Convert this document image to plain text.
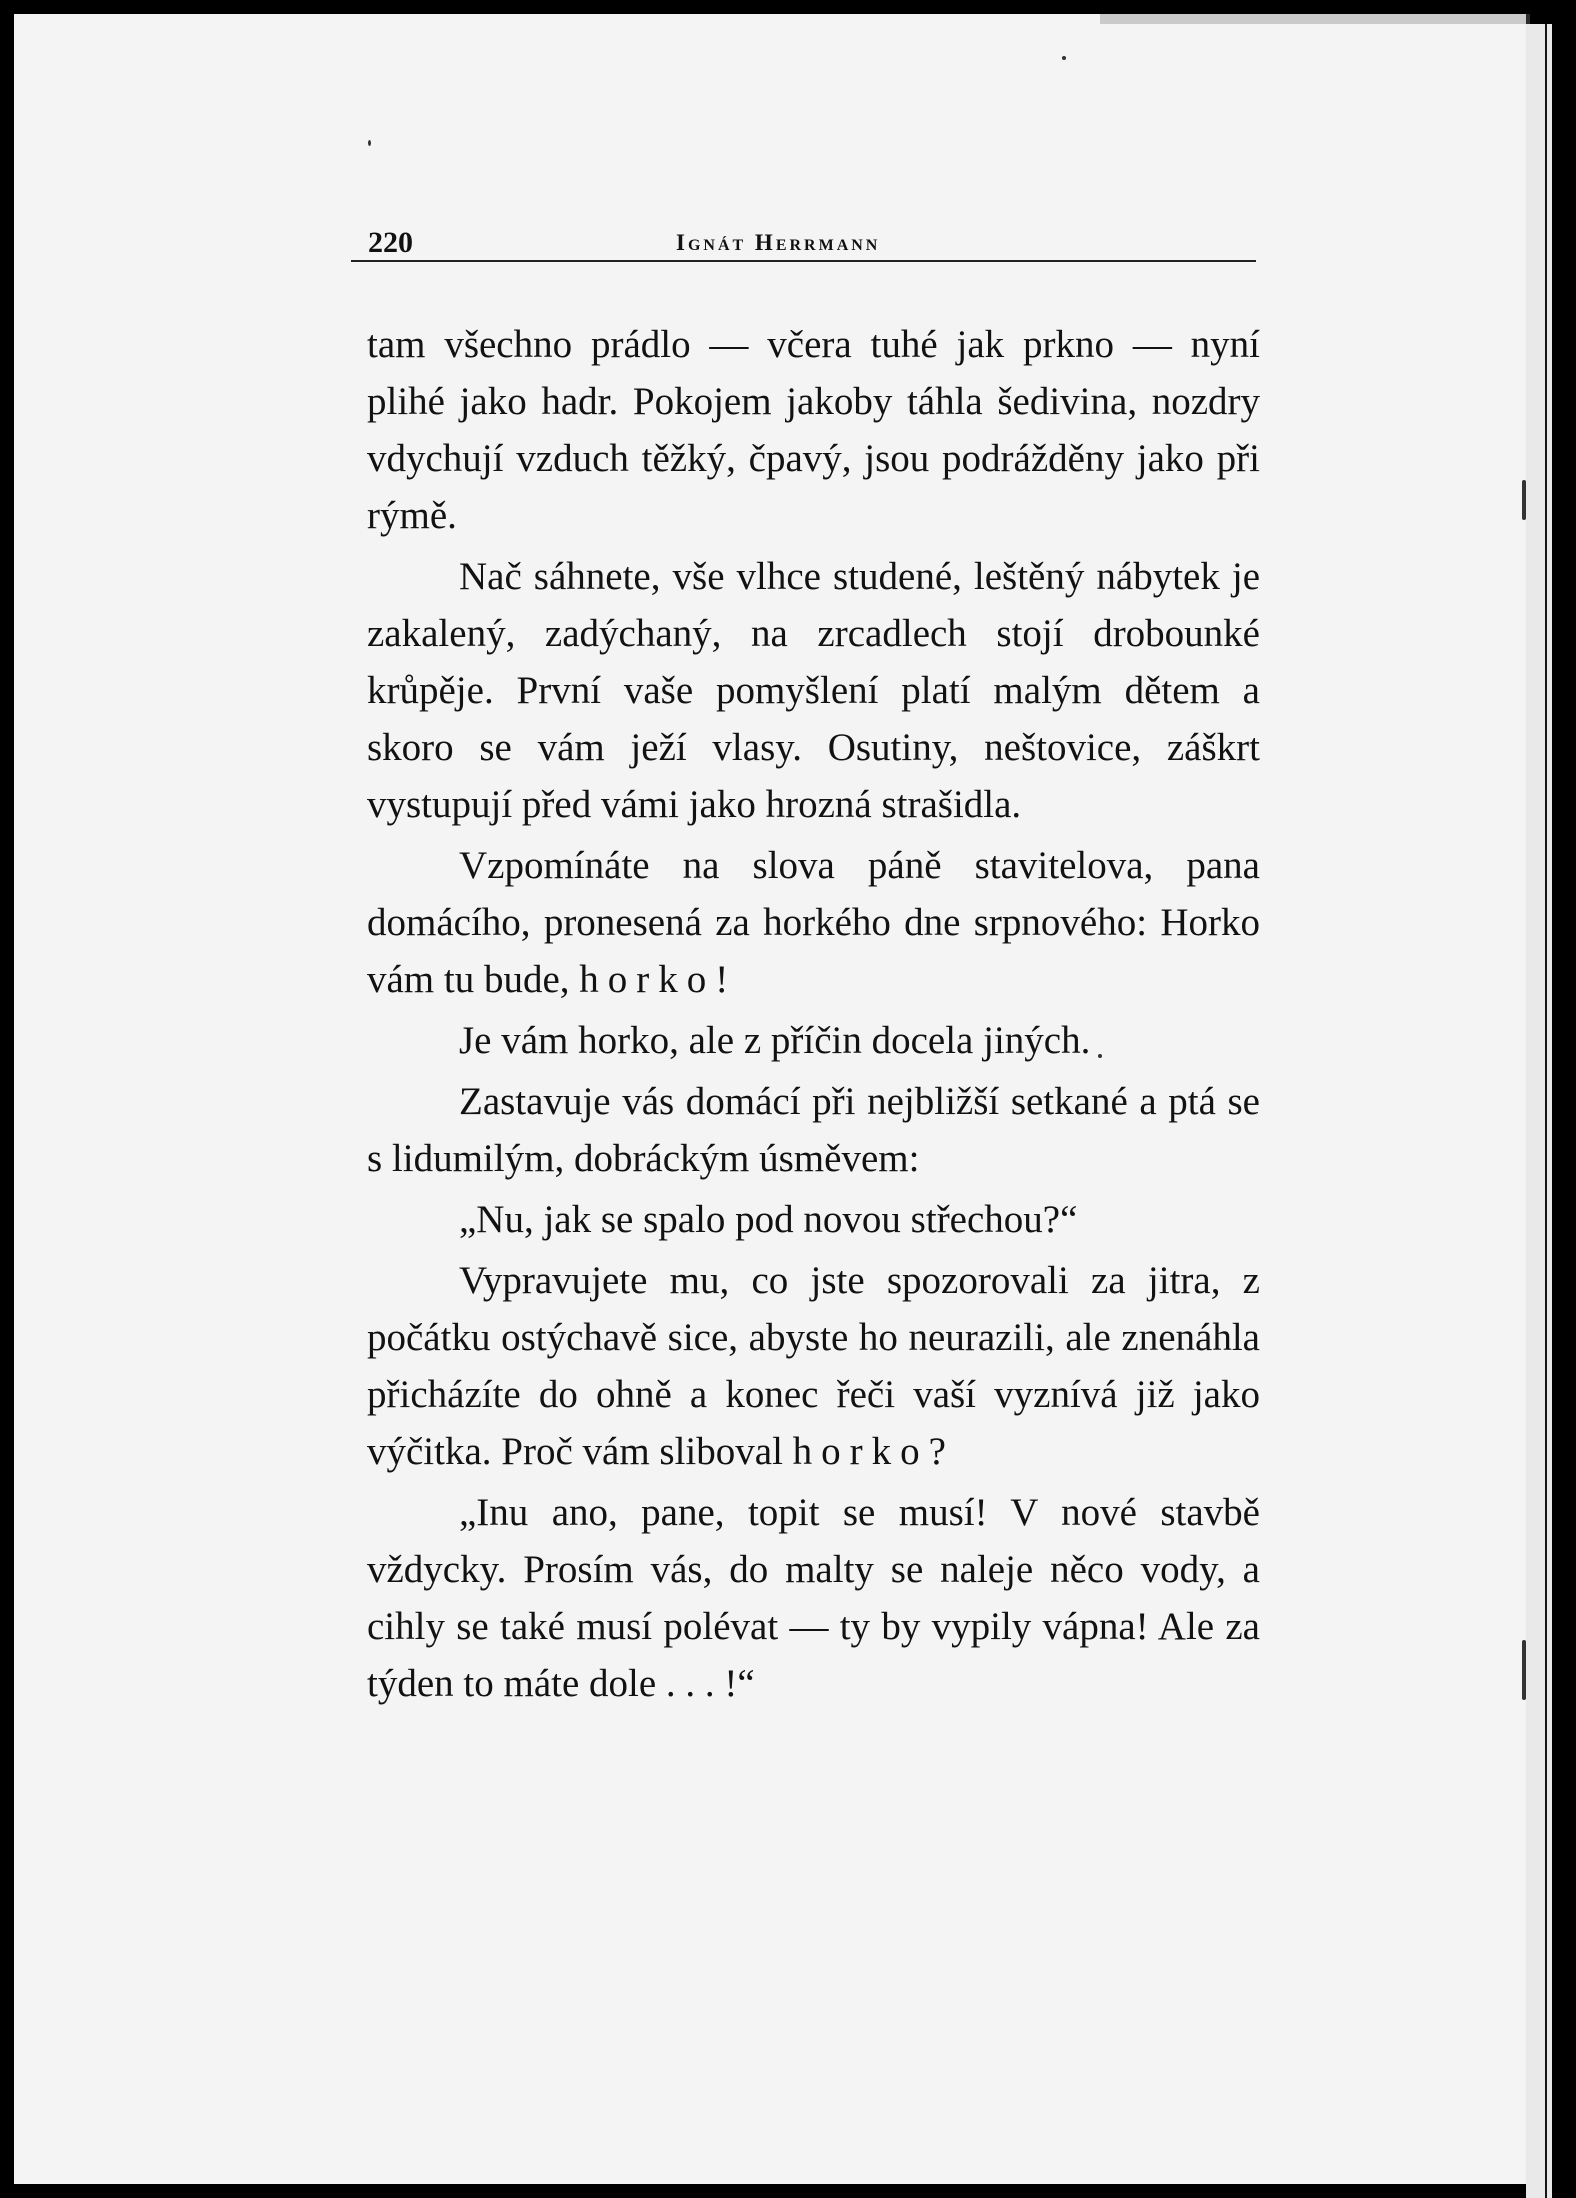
220	Ignát Herrmann

tam všechno prádlo — včera tuhé jak prkno — nyní plihé jako hadr. Pokojem jakoby táhla šedivina, nozdry vdychují vzduch těžký, čpavý, jsou podrážděny jako při rýmě.

Nač sáhnete, vše vlhce studené, leštěný nábytek je zakalený, zadýchaný, na zrcadlech stojí drobounké krůpěje. První vaše pomyšlení platí malým dětem a skoro se vám ježí vlasy. Osutiny, neštovice, záškrt vystupují před vámi jako hrozná strašidla.

Vzpomínáte na slova páně stavitelova, pana domácího, pronesená za horkého dne srpnového: Horko vám tu bude, horko!

Je vám horko, ale z příčin docela jiných.

Zastavuje vás domácí při nejbližší setkané a ptá se s lidumilým, dobráckým úsměvem:

„Nu, jak se spalo pod novou střechou?“

Vypravujete mu, co jste spozorovali za jitra, z počátku ostýchavě sice, abyste ho neurazili, ale znenáhla přicházíte do ohně a konec řeči vaší vyznívá již jako výčitka. Proč vám sliboval horko?

„Inu ano, pane, topit se musí! V nové stavbě vždycky. Prosím vás, do malty se naleje něco vody, a cihly se také musí polévat — ty by vypily vápna! Ale za týden to máte dole . . . !“
